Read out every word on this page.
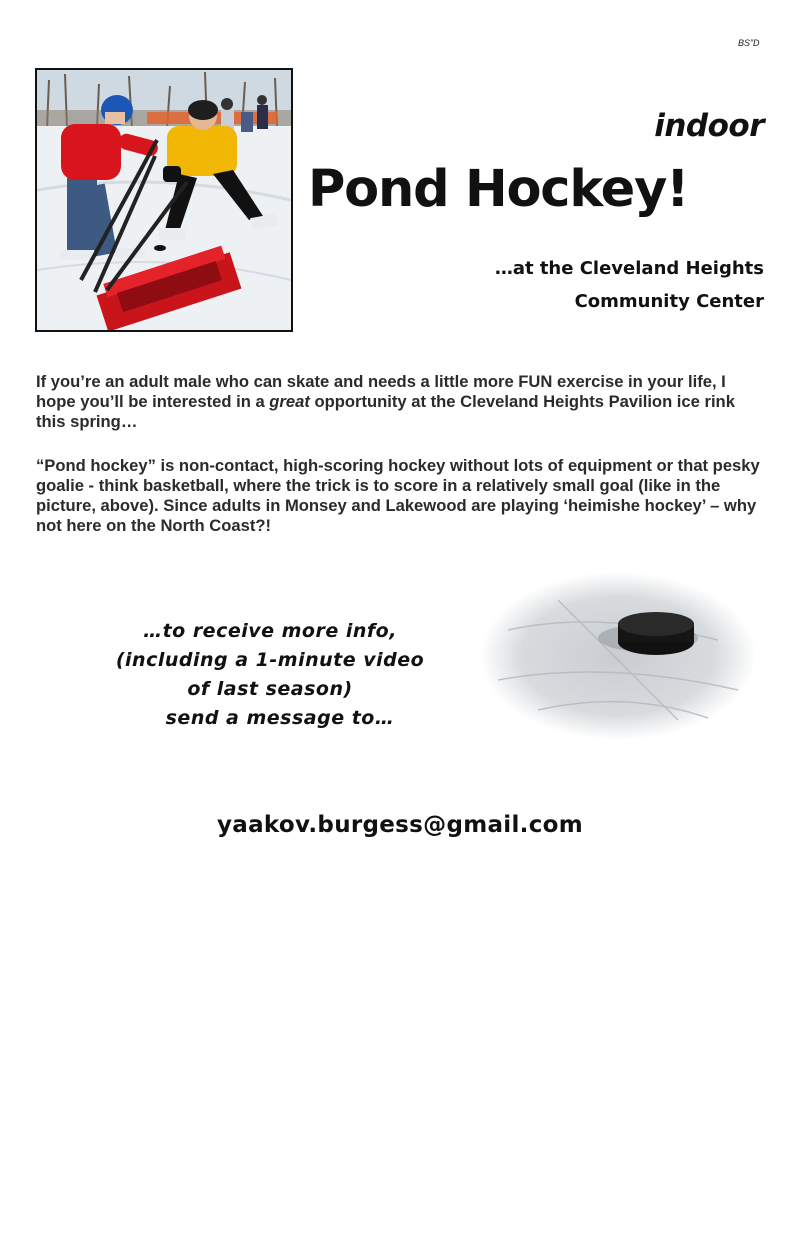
BS”D
indoor
Pond Hockey!
…at the Cleveland Heights
Community Center
If you’re an adult male who can skate and needs a little more FUN exercise in your life, I hope you’ll be interested in a great opportunity at the Cleveland Heights Pavilion ice rink this spring…
“Pond hockey” is non-contact, high-scoring hockey without lots of equipment or that pesky goalie - think basketball, where the trick is to score in a relatively small goal (like in the picture, above). Since adults in Monsey and Lakewood are playing ‘heimishe hockey’ – why not here on the North Coast?!
…to receive more info,
(including a 1-minute video
of last season)
send a message to…
yaakov.burgess@gmail.com
